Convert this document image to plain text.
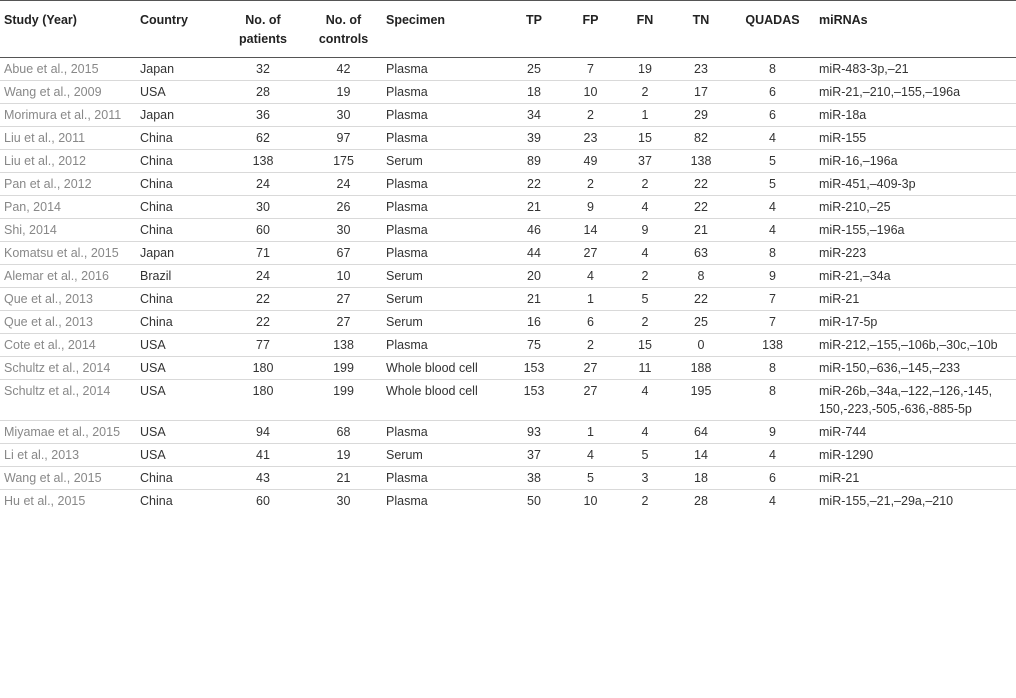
Study (Year)	Country	No. of patients	No. of controls	Specimen	TP	FP	FN	TN	QUADAS	miRNAs
Abue et al., 2015	Japan	32	42	Plasma	25	7	19	23	8	miR-483-3p,–21
Wang et al., 2009	USA	28	19	Plasma	18	10	2	17	6	miR-21,–210,–155,–196a
Morimura et al., 2011	Japan	36	30	Plasma	34	2	1	29	6	miR-18a
Liu et al., 2011	China	62	97	Plasma	39	23	15	82	4	miR-155
Liu et al., 2012	China	138	175	Serum	89	49	37	138	5	miR-16,–196a
Pan et al., 2012	China	24	24	Plasma	22	2	2	22	5	miR-451,–409-3p
Pan, 2014	China	30	26	Plasma	21	9	4	22	4	miR-210,–25
Shi, 2014	China	60	30	Plasma	46	14	9	21	4	miR-155,–196a
Komatsu et al., 2015	Japan	71	67	Plasma	44	27	4	63	8	miR-223
Alemar et al., 2016	Brazil	24	10	Serum	20	4	2	8	9	miR-21,–34a
Que et al., 2013	China	22	27	Serum	21	1	5	22	7	miR-21
Que et al., 2013	China	22	27	Serum	16	6	2	25	7	miR-17-5p
Cote et al., 2014	USA	77	138	Plasma	75	2	15	0	138	miR-212,–155,–106b,–30c,–10b
Schultz et al., 2014	USA	180	199	Whole blood cell	153	27	11	188	8	miR-150,–636,–145,–233
Schultz et al., 2014	USA	180	199	Whole blood cell	153	27	4	195	8	miR-26b,–34a,–122,–126,-145, 150,-223,-505,-636,-885-5p
Miyamae et al., 2015	USA	94	68	Plasma	93	1	4	64	9	miR-744
Li et al., 2013	USA	41	19	Serum	37	4	5	14	4	miR-1290
Wang et al., 2015	China	43	21	Plasma	38	5	3	18	6	miR-21
Hu et al., 2015	China	60	30	Plasma	50	10	2	28	4	miR-155,–21,–29a,–210
